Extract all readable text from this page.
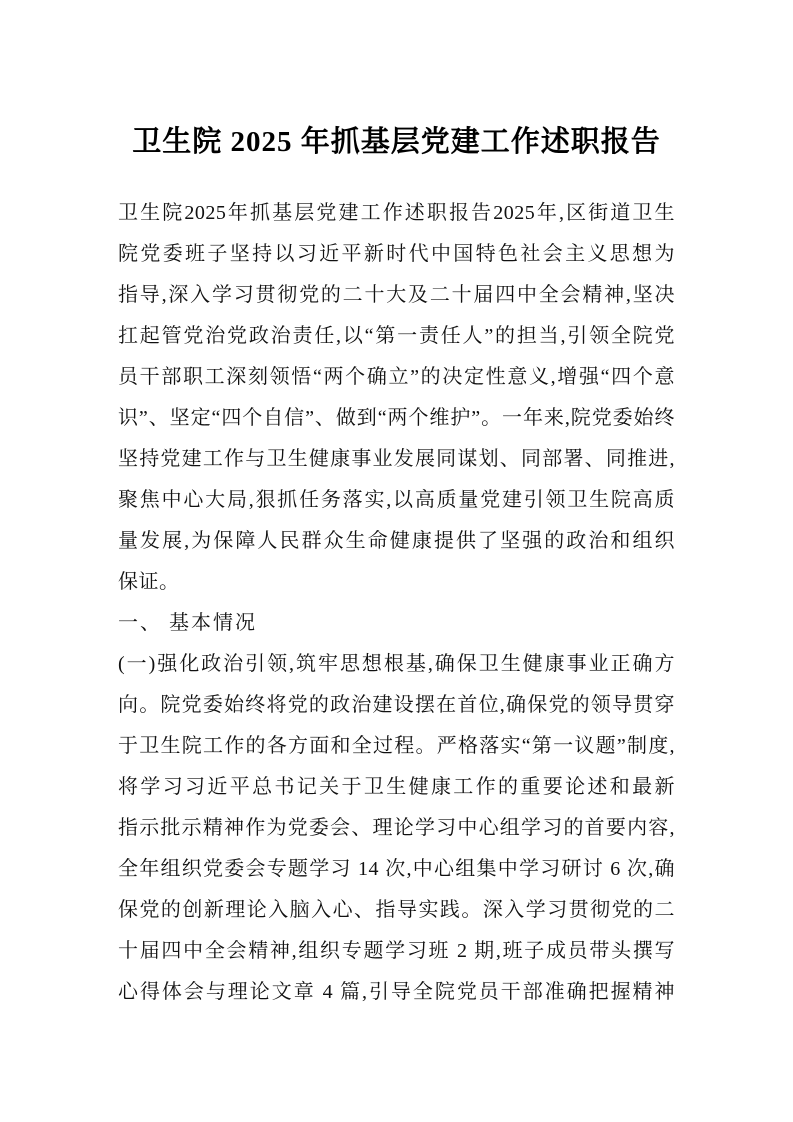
卫生院 2025 年抓基层党建工作述职报告
卫生院2025年抓基层党建工作述职报告2025年,区街道卫生
院党委班子坚持以习近平新时代中国特色社会主义思想为
指导,深入学习贯彻党的二十大及二十届四中全会精神,坚决
扛起管党治党政治责任,以“第一责任人”的担当,引领全院党
员干部职工深刻领悟“两个确立”的决定性意义,增强“四个意
识”、坚定“四个自信”、做到“两个维护”。一年来,院党委始终
坚持党建工作与卫生健康事业发展同谋划、同部署、同推进,
聚焦中心大局,狠抓任务落实,以高质量党建引领卫生院高质
量发展,为保障人民群众生命健康提供了坚强的政治和组织
保证。
一、 基本情况
(一)强化政治引领,筑牢思想根基,确保卫生健康事业正确方
向。院党委始终将党的政治建设摆在首位,确保党的领导贯穿
于卫生院工作的各方面和全过程。严格落实“第一议题”制度,
将学习习近平总书记关于卫生健康工作的重要论述和最新
指示批示精神作为党委会、理论学习中心组学习的首要内容,
全年组织党委会专题学习 14 次,中心组集中学习研讨 6 次,确
保党的创新理论入脑入心、指导实践。深入学习贯彻党的二
十届四中全会精神,组织专题学习班 2 期,班子成员带头撰写
心得体会与理论文章 4 篇,引导全院党员干部准确把握精神
